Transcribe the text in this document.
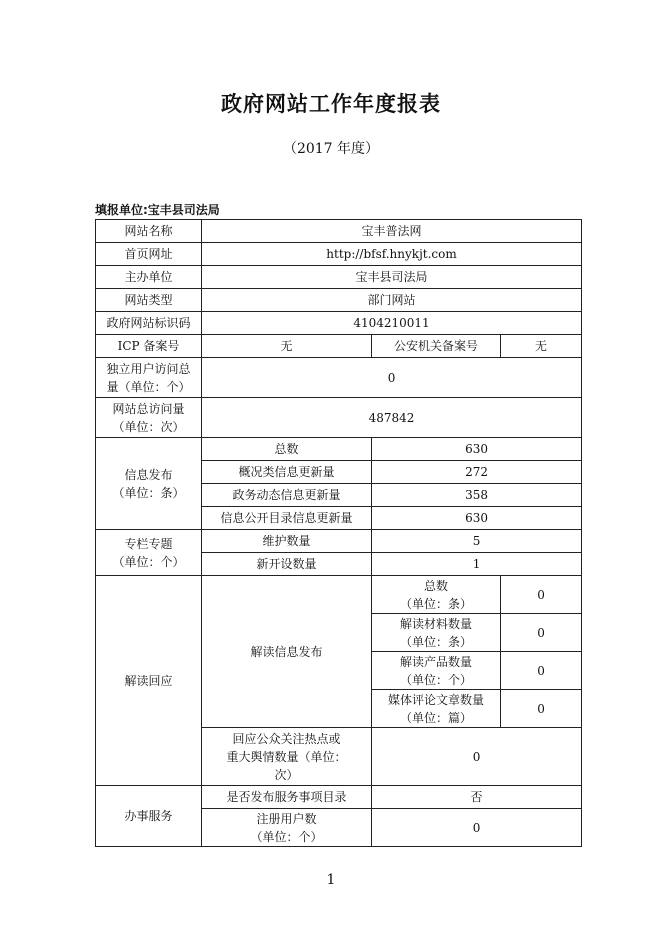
政府网站工作年度报表
（2017 年度）
填报单位:宝丰县司法局
网站名称	宝丰普法网		
首页网址	http://bfsf.hnykjt.com		
主办单位	宝丰县司法局		
网站类型	部门网站		
政府网站标识码	4104210011		
ICP 备案号	无	公安机关备案号	无

独立用户访问总
量（单位：个）	0		

网站总访问量
（单位：次）	487842		

信息发布
（单位：条）	总数	630	
	概况类信息更新量	272	
	政务动态信息更新量	358	
	信息公开目录信息更新量	630	

专栏专题
（单位：个）	维护数量	5	
	新开设数量	1	
解读回应	解读信息发布	总数
（单位：条）	0

		解读材料数量
（单位：条）	0

		解读产品数量
（单位：个）	0

		媒体评论文章数量
（单位：篇）	0

	回应公众关注热点或
重大舆情数量（单位：
次）	0	
办事服务	是否发布服务事项目录	否	

	注册用户数
（单位：个）	0	
1
